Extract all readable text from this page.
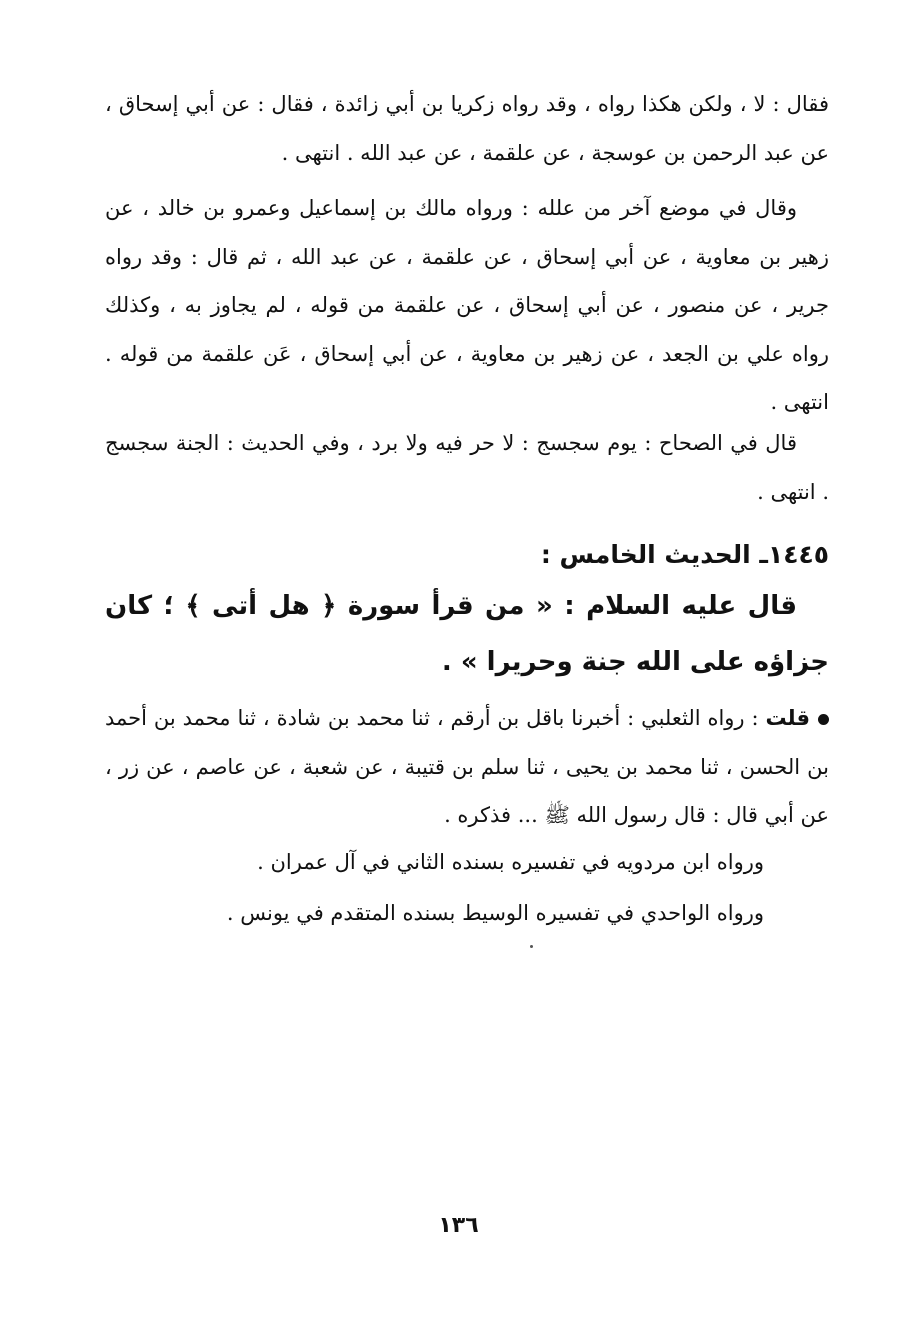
فقال : لا ، ولكن هكذا رواه ، وقد رواه زكريا بن أبي زائدة ، فقال : عن أبي إسحاق ، عن عبد الرحمن بن عوسجة ، عن علقمة ، عن عبد الله . انتهى .
وقال في موضع آخر من علله : ورواه مالك بن إسماعيل وعمرو بن خالد ، عن زهير بن معاوية ، عن أبي إسحاق ، عن علقمة ، عن عبد الله ، ثم قال : وقد رواه جرير ، عن منصور ، عن أبي إسحاق ، عن علقمة من قوله ، لم يجاوز به ، وكذلك رواه علي بن الجعد ، عن زهير بن معاوية ، عن أبي إسحاق ، عَن علقمة من قوله . انتهى .
قال في الصحاح : يوم سجسج : لا حر فيه ولا برد ، وفي الحديث : الجنة سجسج . انتهى .
١٤٤٥ـ الحديث الخامس :
قال عليه السلام : « من قرأ سورة ﴿ هل أتى ﴾ ؛ كان جزاؤه على الله جنة وحريرا » .
قلت : رواه الثعلبي : أخبرنا باقل بن أرقم ، ثنا محمد بن شادة ، ثنا محمد بن أحمد بن الحسن ، ثنا محمد بن يحيى ، ثنا سلم بن قتيبة ، عن شعبة ، عن عاصم ، عن زر ، عن أبي قال : قال رسول الله ﷺ ... فذكره .
ورواه ابن مردويه في تفسيره بسنده الثاني في آل عمران .
ورواه الواحدي في تفسيره الوسيط بسنده المتقدم في يونس .
١٣٦
